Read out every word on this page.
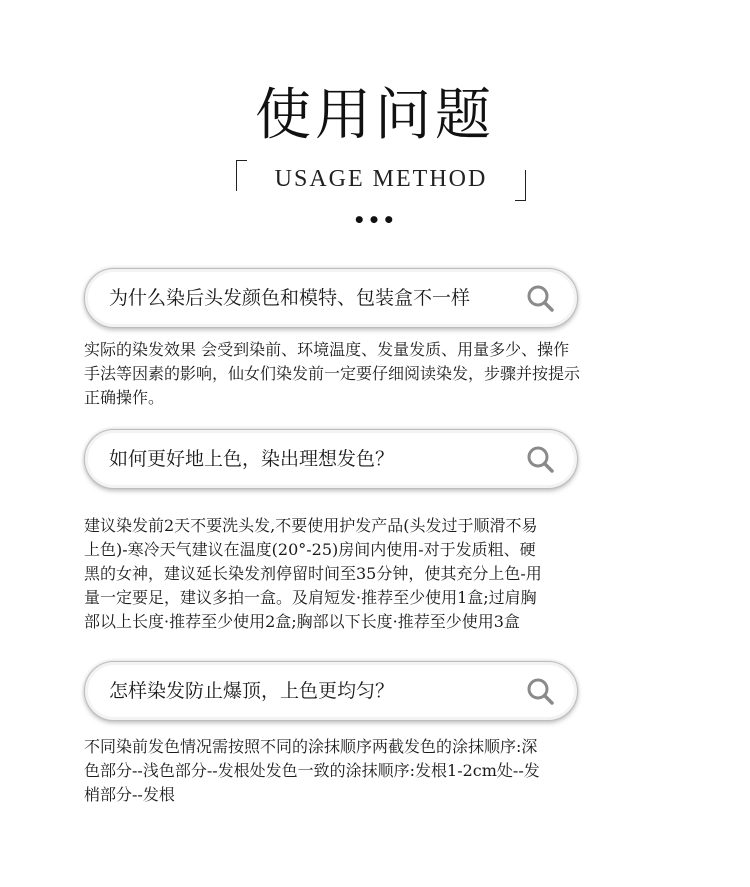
使用问题
USAGE METHOD
•••
为什么染后头发颜色和模特、包装盒不一样

实际的染发效果 会受到染前、环境温度、发量发质、用量多少、操作

手法等因素的影响，仙女们染发前一定要仔细阅读染发，步骤并按提示

正确操作。

如何更好地上色，染出理想发色？

建议染发前2天不要洗头发,不要使用护发产品(头发过于顺滑不易

上色)-寒冷天气建议在温度(20°-25)房间内使用-对于发质粗、硬

黑的女神，建议延长染发剂停留时间至35分钟，使其充分上色-用

量一定要足，建议多拍一盒。及肩短发·推荐至少使用1盒;过肩胸

部以上长度·推荐至少使用2盒;胸部以下长度·推荐至少使用3盒

怎样染发防止爆顶，上色更均匀？

不同染前发色情况需按照不同的涂抹顺序两截发色的涂抹顺序:深

色部分--浅色部分--发根处发色一致的涂抹顺序:发根1-2cm处--发

梢部分--发根
